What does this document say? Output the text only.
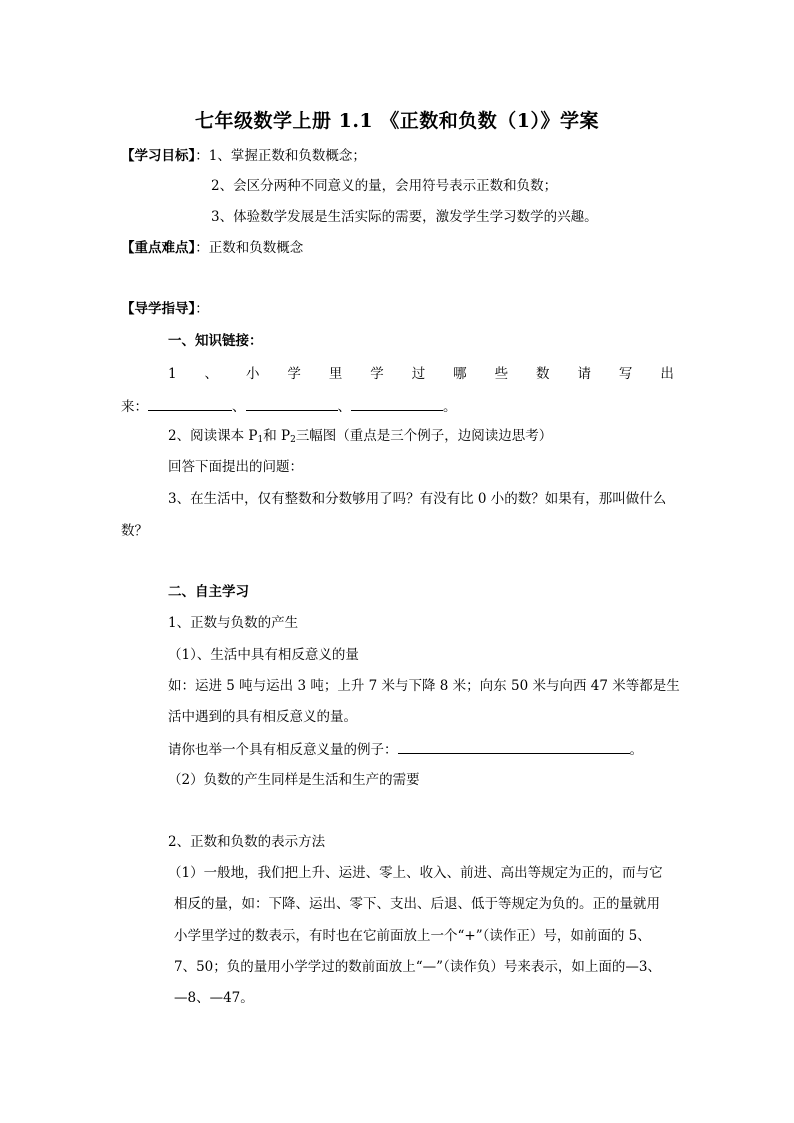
七年级数学上册 1.1 《正数和负数（1）》学案
【学习目标】：1、掌握正数和负数概念；
2、会区分两种不同意义的量，会用符号表示正数和负数；
3、体验数学发展是生活实际的需要，激发学生学习数学的兴趣。
【重点难点】：正数和负数概念
【导学指导】：
一、知识链接：
1 、 小 学 里 学 过 哪 些 数 请 写 出
来：	、	、	。
2、阅读课本 $P_1$和 $P_2$三幅图（重点是三个例子，边阅读边思考）
回答下面提出的问题：
3、在生活中，仅有整数和分数够用了吗？有没有比 0 小的数？如果有，那叫做什么
数？
二、自主学习
1、正数与负数的产生
（1）、生活中具有相反意义的量
如：运进 5 吨与运出 3 吨；上升 7 米与下降 8 米；向东 50 米与向西 47 米等都是生
活中遇到的具有相反意义的量。
请你也举一个具有相反意义量的例子：	。
（2）负数的产生同样是生活和生产的需要
2、正数和负数的表示方法
（1）一般地，我们把上升、运进、零上、收入、前进、高出等规定为正的，而与它
相反的量，如：下降、运出、零下、支出、后退、低于等规定为负的。正的量就用
小学里学过的数表示，有时也在它前面放上一个“+”（读作正）号，如前面的 5、
7、50；负的量用小学学过的数前面放上“—”（读作负）号来表示，如上面的—3、
—8、—47。
